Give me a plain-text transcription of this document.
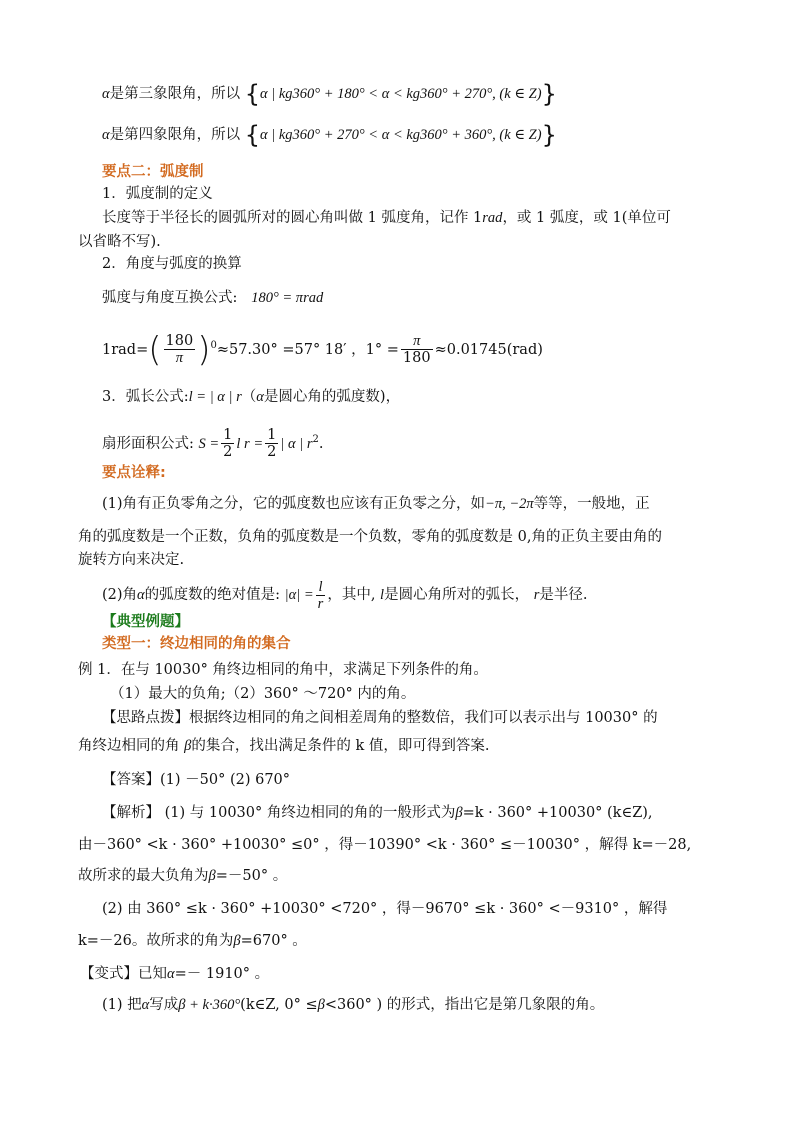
α是第三象限角，所以 {α | kg360° + 180° < α < kg360° + 270°, (k ∈ Z)}
α是第四象限角，所以 {α | kg360° + 270° < α < kg360° + 360°, (k ∈ Z)}
要点二：弧度制
1．弧度制的定义
长度等于半径长的圆弧所对的圆心角叫做 1 弧度角，记作 1rad，或 1 弧度，或 1(单位可
以省略不写).
2．角度与弧度的换算
弧度与角度互换公式: 180° = πrad
$1rad=( \frac{180}{\pi} )^0\approx 57.30^\circ =57^\circ$ 18′ ，$1^\circ = \frac{\pi}{180} \approx 0.01745(rad)$
3．弧长公式:l = | α | r（α是圆心角的弧度数)，
扇形面积公式: $S = \frac{1}{2}$ l $r = \frac{1}{2}$ | α | $r^2$.
要点诠释:
(1)角有正负零角之分，它的弧度数也应该有正负零之分，如−π, −2π等等，一般地，正
角的弧度数是一个正数，负角的弧度数是一个负数，零角的弧度数是 0,角的正负主要由角的
旋转方向来决定.
(2)角α的弧度数的绝对值是: $|\alpha| = \frac{l}{r}$ ，其中, l是圆心角所对的弧长， r是半径.
【典型例题】
类型一：终边相同的角的集合
例 1．在与 10030° 角终边相同的角中，求满足下列条件的角。
（1）最大的负角;（2）360° ～720° 内的角。
【思路点拨】根据终边相同的角之间相差周角的整数倍，我们可以表示出与 10030° 的
角终边相同的角 β的集合，找出满足条件的 k 值，即可得到答案.
【答案】(1) －50° (2) 670°
【解析】 (1) 与 10030° 角终边相同的角的一般形式为β=k · 360° +10030° (k∈Z),
由－360° <k · 360° +10030° ≤0° ，得－10390° <k · 360° ≤－10030° ，解得 k=－28,
故所求的最大负角为β=－50° 。
(2) 由 360° ≤k · 360° +10030° <720° ，得－9670° ≤k · 360° <－9310° ，解得
k=－26。故所求的角为β=670° 。
【变式】已知α=－ 1910° 。
(1) 把α写成β + k·360°(k∈Z, 0° ≤β<360° ) 的形式，指出它是第几象限的角。
